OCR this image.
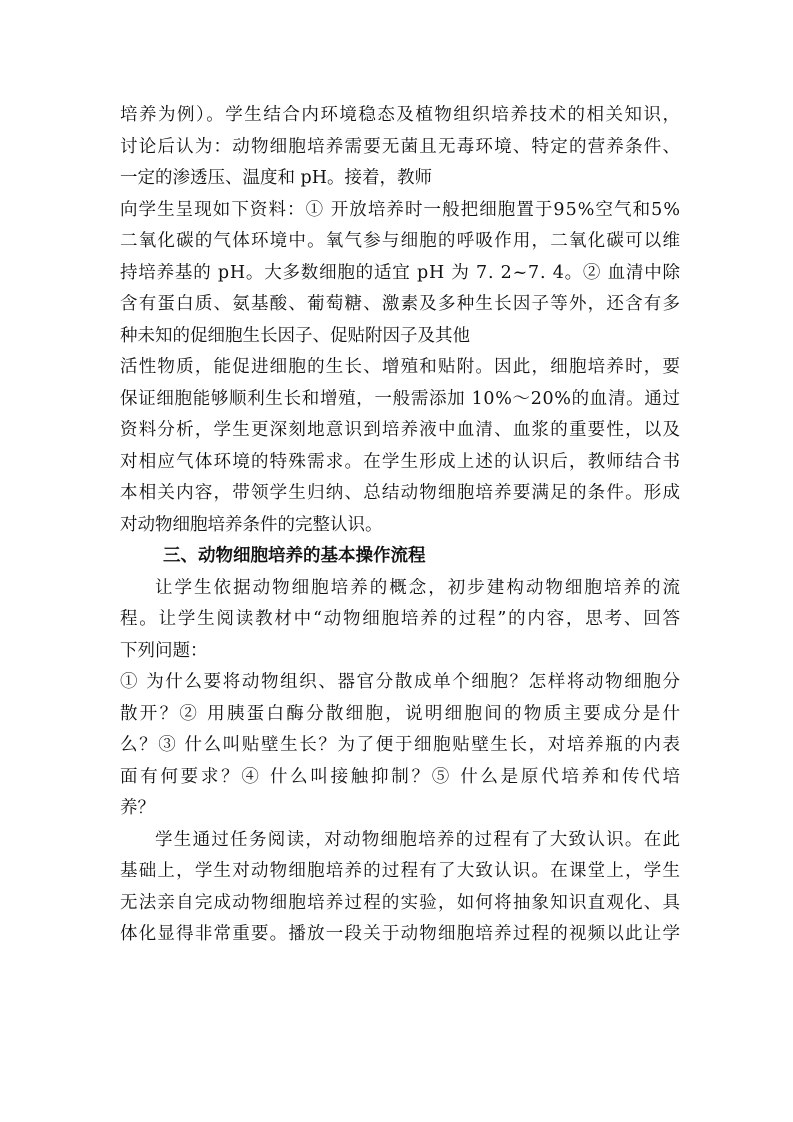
培养为例）。学生结合内环境稳态及植物组织培养技术的相关知识，
讨论后认为：动物细胞培养需要无菌且无毒环境、特定的营养条件、
一定的渗透压、温度和 pH。接着，教师
向学生呈现如下资料：① 开放培养时一般把细胞置于95%空气和5%
二氧化碳的气体环境中。氧气参与细胞的呼吸作用，二氧化碳可以维
持培养基的 pH。大多数细胞的适宜 pH 为 7. 2~7. 4。② 血清中除
含有蛋白质、氨基酸、葡萄糖、激素及多种生长因子等外，还含有多
种未知的促细胞生长因子、促贴附因子及其他
活性物质，能促进细胞的生长、增殖和贴附。因此，细胞培养时，要
保证细胞能够顺利生长和增殖，一般需添加 10%～20%的血清。通过
资料分析，学生更深刻地意识到培养液中血清、血浆的重要性，以及
对相应气体环境的特殊需求。在学生形成上述的认识后，教师结合书
本相关内容，带领学生归纳、总结动物细胞培养要满足的条件。形成
对动物细胞培养条件的完整认识。
三、动物细胞培养的基本操作流程
让学生依据动物细胞培养的概念，初步建构动物细胞培养的流
程。让学生阅读教材中“动物细胞培养的过程”的内容，思考、回答
下列问题：
① 为什么要将动物组织、器官分散成单个细胞？怎样将动物细胞分
散开？② 用胰蛋白酶分散细胞，说明细胞间的物质主要成分是什
么？③ 什么叫贴壁生长？为了便于细胞贴壁生长，对培养瓶的内表
面有何要求？④ 什么叫接触抑制？⑤ 什么是原代培养和传代培
养？
学生通过任务阅读，对动物细胞培养的过程有了大致认识。在此
基础上，学生对动物细胞培养的过程有了大致认识。在课堂上，学生
无法亲自完成动物细胞培养过程的实验，如何将抽象知识直观化、具
体化显得非常重要。播放一段关于动物细胞培养过程的视频以此让学
